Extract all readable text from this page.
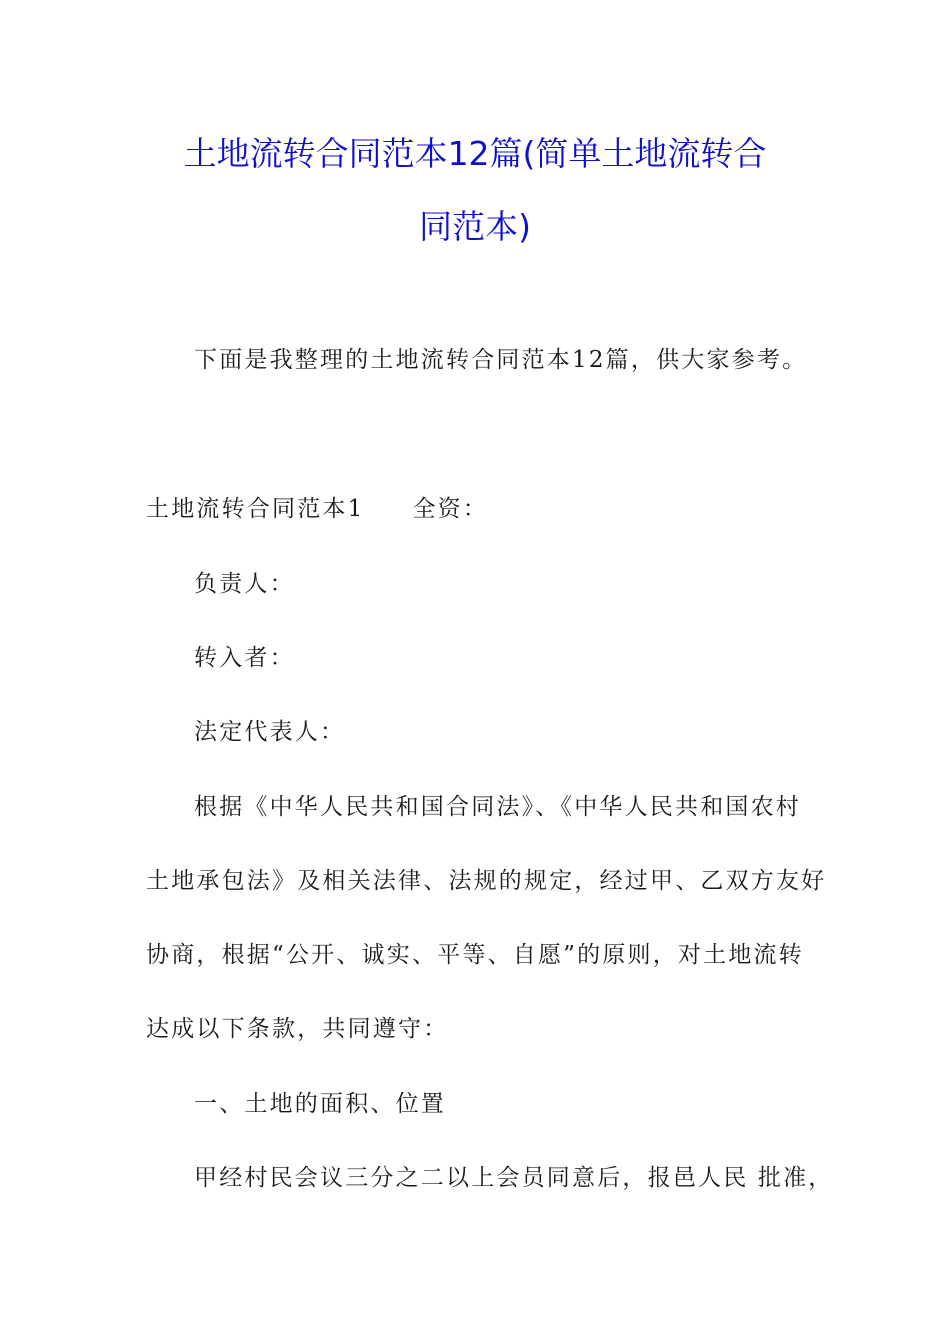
土地流转合同范本12篇(简单土地流转合
同范本)
下面是我整理的土地流转合同范本12篇，供大家参考。
土地流转合同范本1 全资：
负责人：
转入者：
法定代表人：
根据《中华人民共和国合同法》、《中华人民共和国农村
土地承包法》及相关法律、法规的规定，经过甲、乙双方友好
协商，根据“公开、诚实、平等、自愿”的原则，对土地流转
达成以下条款，共同遵守：
一、土地的面积、位置
甲经村民会议三分之二以上会员同意后，报邑人民 批准，
